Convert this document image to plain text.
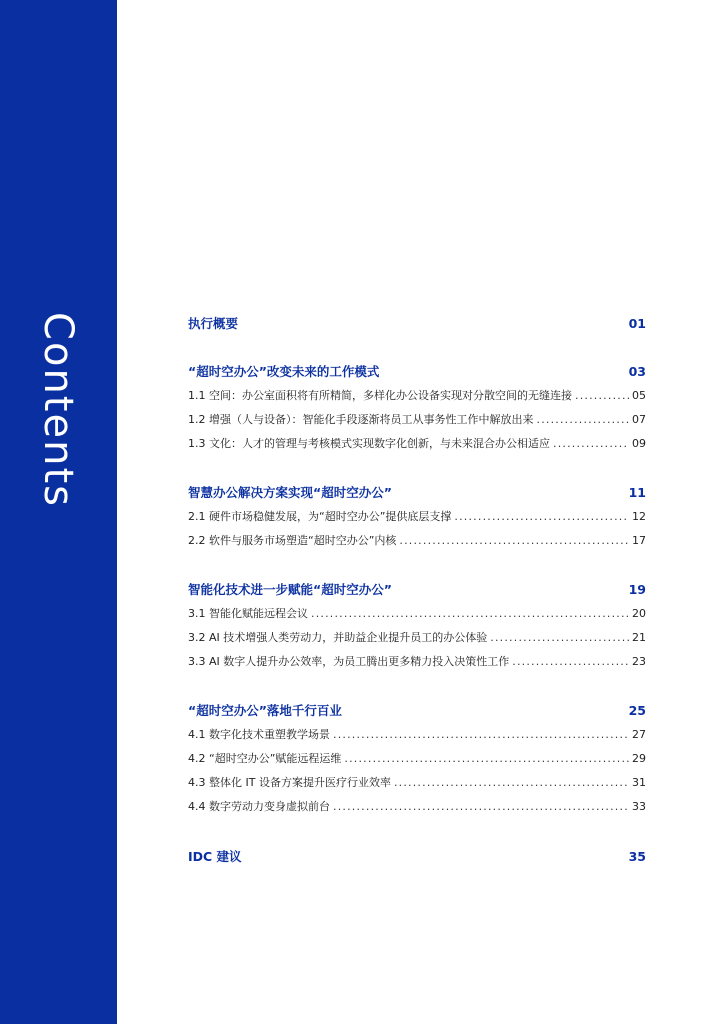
Contents	执行概要	01
“超时空办公”改变未来的工作模式	03
1.1 空间：办公室面积将有所精简，多样化办公设备实现对分散空间的无缝连接 .....	05
1.2 增强（人与设备）：智能化手段逐渐将员工从事务性工作中解放出来 .....	07
1.3 文化：人才的管理与考核模式实现数字化创新，与未来混合办公相适应 .....	09
智慧办公解决方案实现“超时空办公”	11
2.1 硬件市场稳健发展，为“超时空办公”提供底层支撑 .....	12
2.2 软件与服务市场塑造“超时空办公”内核 .....	17
智能化技术进一步赋能“超时空办公”	19
3.1 智能化赋能远程会议 .....	20
3.2 AI 技术增强人类劳动力，并助益企业提升员工的办公体验 .....	21
3.3 AI 数字人提升办公效率，为员工腾出更多精力投入决策性工作 .....	23
“超时空办公”落地千行百业	25
4.1 数字化技术重塑教学场景 .....	27
4.2 “超时空办公”赋能远程运维 .....	29
4.3 整体化 IT 设备方案提升医疗行业效率 .....	31
4.4 数字劳动力变身虚拟前台 .....	33
IDC 建议	35
